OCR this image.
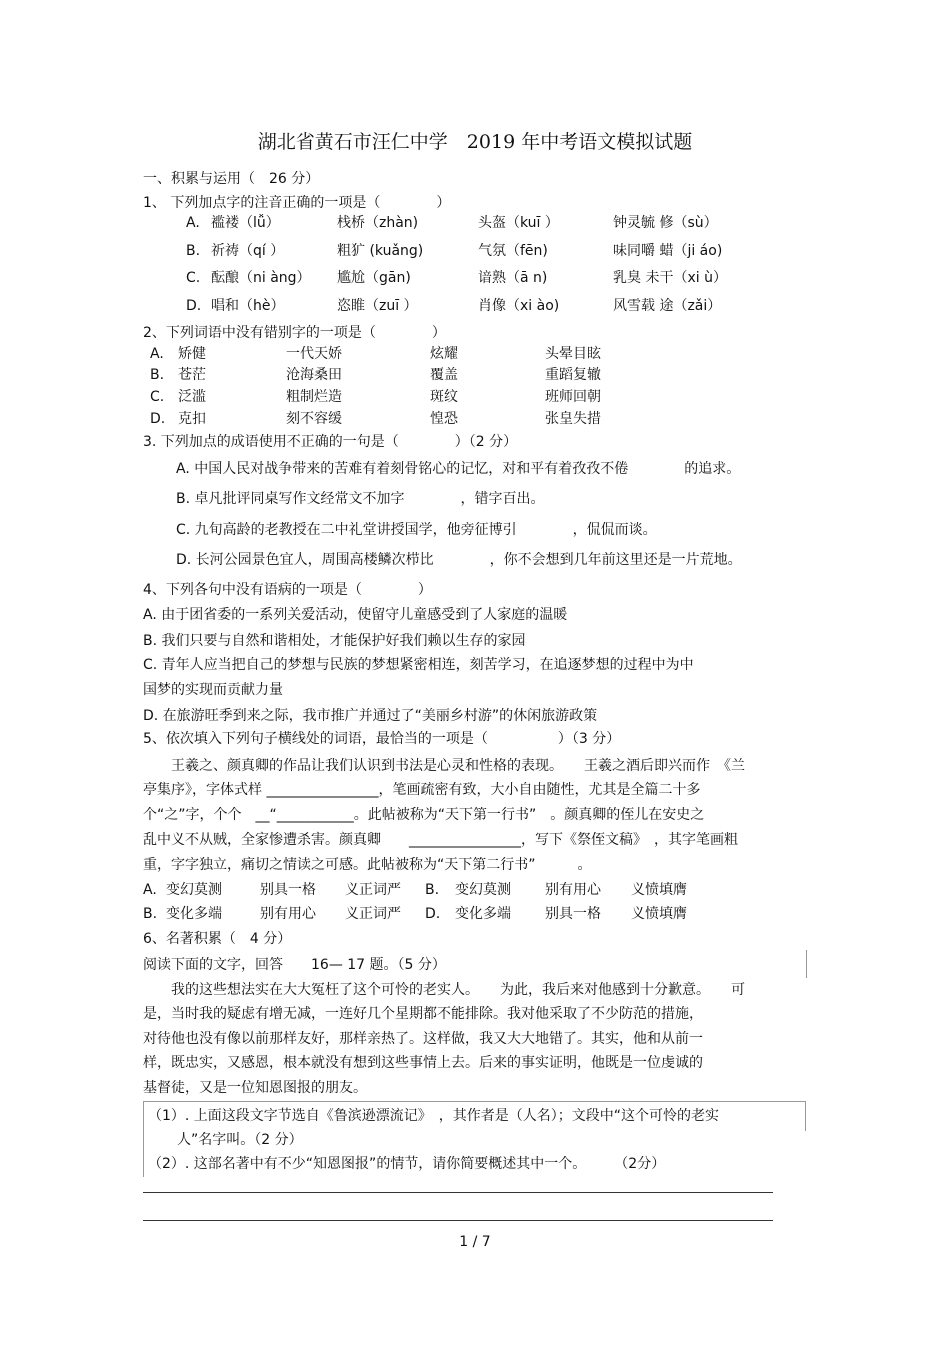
湖北省黄石市汪仁中学　2019 年中考语文模拟试题
一、积累与运用（　26 分）
1、 下列加点字的注音正确的一项是（　　　　）
A. 褴褛（lǚ）	栈桥（zhàn)	头盔（kuī ）	钟灵毓 修（sù）
B. 祈祷（qí ）	粗犷 (kuǎng)	气氛（fēn)	味同嚼 蜡（ji áo)
C. 酝酿（ni àng） 尴尬（gān)	谙熟（ā n)	乳臭 未干（xi ù）
D. 唱和（hè）	恣睢（zuī ）	肖像（xi ào)	风雪载 途（zǎi）
2、下列词语中没有错别字的一项是（　　　　）
A. 矫健	一代天娇	炫耀	头晕目眩
B. 苍茫	沧海桑田	覆盖	重蹈复辙
C. 泛滥	粗制烂造	斑纹	班师回朝
D. 克扣	刻不容缓	惶恐	张皇失措
3. 下列加点的成语使用不正确的一句是（　　　　）（2 分）
A. 中国人民对战争带来的苦难有着刻骨铭心的记忆，对和平有着孜孜不倦　　　　的追求。
B. 卓凡批评同桌写作文经常文不加字　　　　，错字百出。
C. 九旬高龄的老教授在二中礼堂讲授国学，他旁征博引　　　　，侃侃而谈。
D. 长河公园景色宜人，周围高楼鳞次栉比　　　　，你不会想到几年前这里还是一片荒地。
4、下列各句中没有语病的一项是（　　　　）
A. 由于团省委的一系列关爱活动，使留守儿童感受到了人家庭的温暖
B. 我们只要与自然和谐相处，才能保护好我们赖以生存的家园
C. 青年人应当把自己的梦想与民族的梦想紧密相连，刻苦学习，在追逐梦想的过程中为中
国梦的实现而贡献力量
D. 在旅游旺季到来之际，我市推广并通过了“美丽乡村游”的休闲旅游政策
5、依次填入下列句子横线处的词语，最恰当的一项是（　　　　　）（3 分）
　　王羲之、颜真卿的作品让我们认识到书法是心灵和性格的表现。　　王羲之酒后即兴而作　《兰
亭集序》，字体式样 ________________，笔画疏密有致，大小自由随性，尤其是全篇二十多
个“之”字，个个　__“___________。此帖被称为“天下第一行书”　。颜真卿的侄儿在安史之
乱中义不从贼，全家惨遭杀害。颜真卿　　________________，写下《祭侄文稿》　，其字笔画粗
重，字字独立，痛切之情读之可感。此帖被称为“天下第二行书”　　　。
A. 变幻莫测	别具一格 义正词严 B. 变幻莫测 别有用心 义愤填膺
B. 变化多端	别有用心 义正词严 D. 变化多端 别具一格 义愤填膺
6、名著积累（　4 分）
阅读下面的文字，回答　　16— 17 题。（5 分）
　　我的这些想法实在大大冤枉了这个可怜的老实人。　　为此，我后来对他感到十分歉意。　　可
是，当时我的疑虑有增无减，一连好几个星期都不能排除。我对他采取了不少防范的措施，
对待他也没有像以前那样友好，那样亲热了。这样做，我又大大地错了。其实，他和从前一
样，既忠实，又感恩，根本就没有想到这些事情上去。后来的事实证明，他既是一位虔诚的
基督徒，又是一位知恩图报的朋友。
（1）. 上面这段文字节选自《鲁滨逊漂流记》　，其作者是（人名）；文段中“这个可怜的老实
人”名字叫。（2 分）
（2）. 这部名著中有不少“知恩图报”的情节，请你简要概述其中一个。　　　（2分）
1 / 7
